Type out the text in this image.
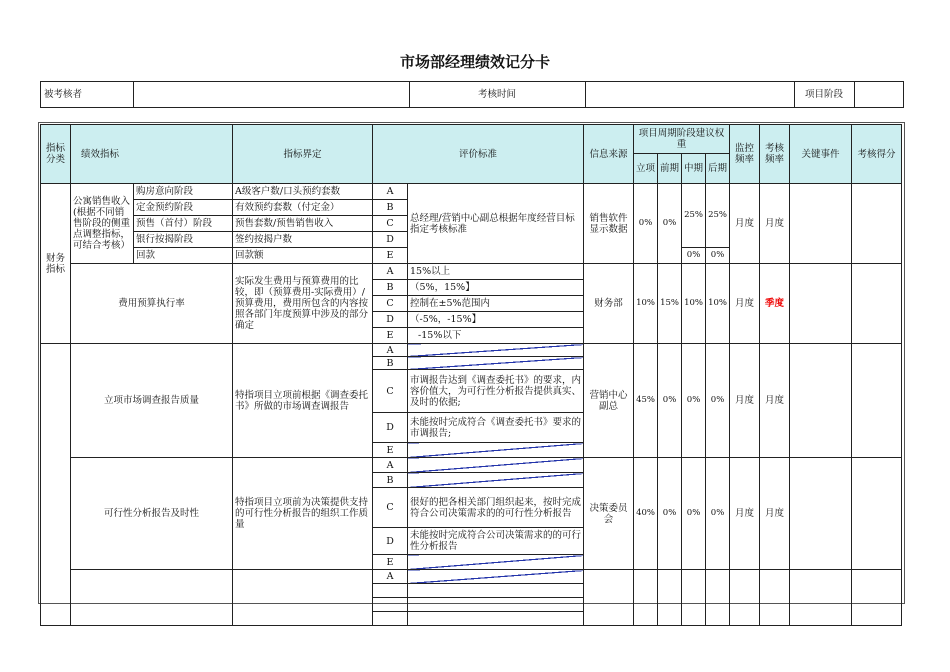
市场部经理绩效记分卡
被考核者		考核时间		项目阶段	
指标分类	绩效指标		指标界定	评价标准		信息来源	项目周期阶段建议权重				监控频率	考核频率	关键事件	考核得分
							立项	前期	中期	后期				
财务指标	公寓销售收入(根据不同销售阶段的侧重点调整指标，可结合考核）	购房意向阶段	A级客户数/口头预约套数	A	总经理/营销中心副总根据年度经营目标指定考核标准	销售软件显示数据	0%	0%	25%	25%	月度	月度		
		定金预约阶段	有效预约套数（付定金）	B										
		预售（首付）阶段	预售套数/预售销售收入	C										
		银行按揭阶段	签约按揭户数	D										
		回款	回款额	E					0%	0%				
	费用预算执行率		实际发生费用与预算费用的比较，即（预算费用-实际费用）/预算费用，费用所包含的内容按照各部门年度预算中涉及的部分确定	A	15%以上	财务部	10%	15%	10%	10%	月度	季度		
				B	（5%，15%】									
				C	控制在±5%范围内									
				D	（-5%，-15%】									
				E	-15%以下									
	立项市场调查报告质量		特指项目立项前根据《调查委托书》所做的市场调查调报告	A		营销中心副总	45%	0%	0%	0%	月度	月度		
				B										
				C	市调报告达到《调查委托书》的要求，内容价值大，为可行性分析报告提供真实、及时的依据;									
				D	未能按时完成符合《调查委托书》要求的市调报告;									
				E										
	可行性分析报告及时性		特指项目立项前为决策提供支持的可行性分析报告的组织工作质量	A		决策委员会	40%	0%	0%	0%	月度	月度		
				B										
				C	很好的把各相关部门组织起来，按时完成符合公司决策需求的的可行性分析报告									
				D	未能按时完成符合公司决策需求的的可行性分析报告									
				E										
				A										
